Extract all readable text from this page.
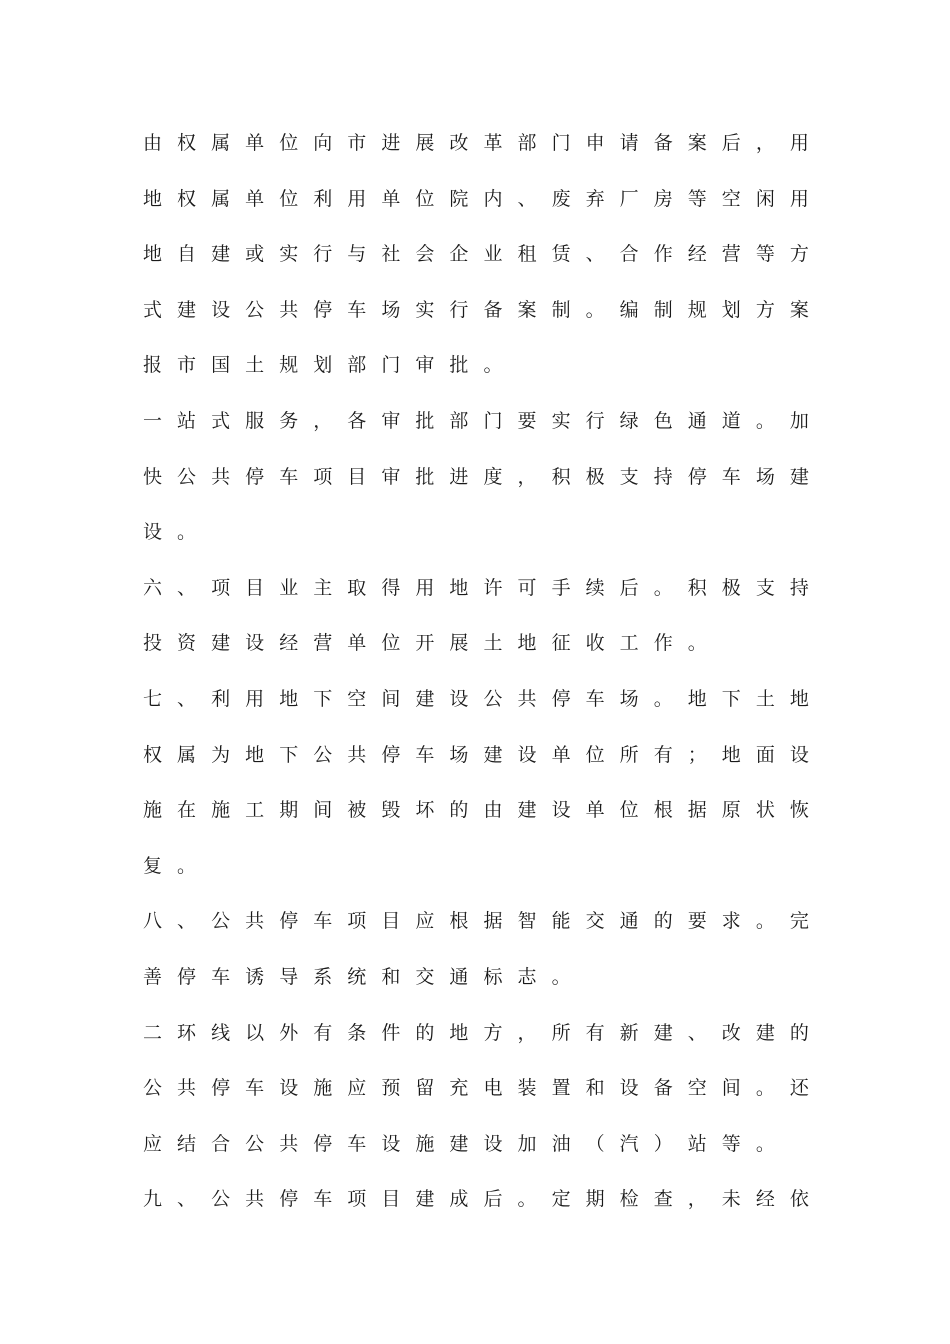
由 权 属 单 位 向 市 进 展 改 革 部 门 申 请 备 案 后 ， 用
地 权 属 单 位 利 用 单 位 院 内 、 废 弃 厂 房 等 空 闲 用
地 自 建 或 实 行 与 社 会 企 业 租 赁 、 合 作 经 营 等 方
式 建 设 公 共 停 车 场 实 行 备 案 制 。 编 制 规 划 方 案
报 市 国 土 规 划 部 门 审 批 。
一 站 式 服 务 ， 各 审 批 部 门 要 实 行 绿 色 通 道 。 加
快 公 共 停 车 项 目 审 批 进 度 ， 积 极 支 持 停 车 场 建
设 。
六 、 项 目 业 主 取 得 用 地 许 可 手 续 后 。 积 极 支 持
投 资 建 设 经 营 单 位 开 展 土 地 征 收 工 作 。
七 、 利 用 地 下 空 间 建 设 公 共 停 车 场 。 地 下 土 地
权 属 为 地 下 公 共 停 车 场 建 设 单 位 所 有 ； 地 面 设
施 在 施 工 期 间 被 毁 坏 的 由 建 设 单 位 根 据 原 状 恢
复 。
八 、 公 共 停 车 项 目 应 根 据 智 能 交 通 的 要 求 。 完
善 停 车 诱 导 系 统 和 交 通 标 志 。
二 环 线 以 外 有 条 件 的 地 方 ， 所 有 新 建 、 改 建 的
公 共 停 车 设 施 应 预 留 充 电 装 置 和 设 备 空 间 。 还
应 结 合 公 共 停 车 设 施 建 设 加 油 （ 汽 ） 站 等 。
九 、 公 共 停 车 项 目 建 成 后 。 定 期 检 查 ， 未 经 依
